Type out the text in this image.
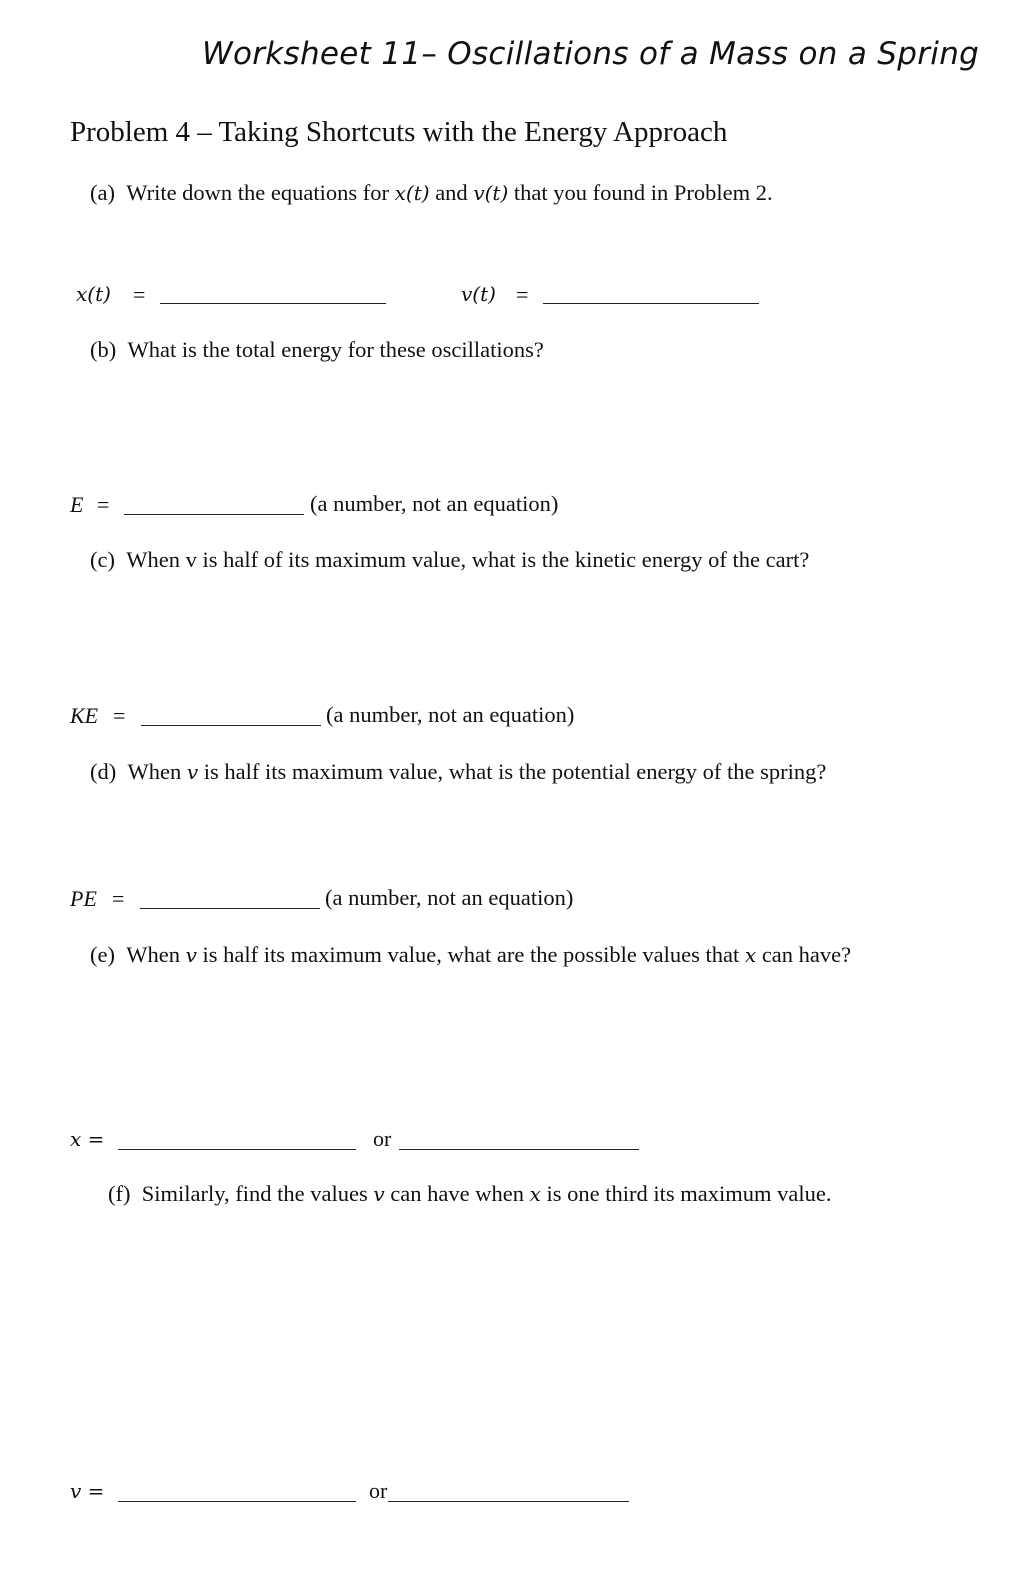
Worksheet 11– Oscillations of a Mass on a Spring
Problem 4 – Taking Shortcuts with the Energy Approach
(a) Write down the equations for x(t) and v(t) that you found in Problem 2.
x(t) =	v(t) =
(b) What is the total energy for these oscillations?
E =	(a number, not an equation)
(c) When v is half of its maximum value, what is the kinetic energy of the cart?
KE =	(a number, not an equation)
(d) When v is half its maximum value, what is the potential energy of the spring?
PE =	(a number, not an equation)
(e) When v is half its maximum value, what are the possible values that x can have?
x =	or
(f) Similarly, find the values v can have when x is one third its maximum value.
v =	or
